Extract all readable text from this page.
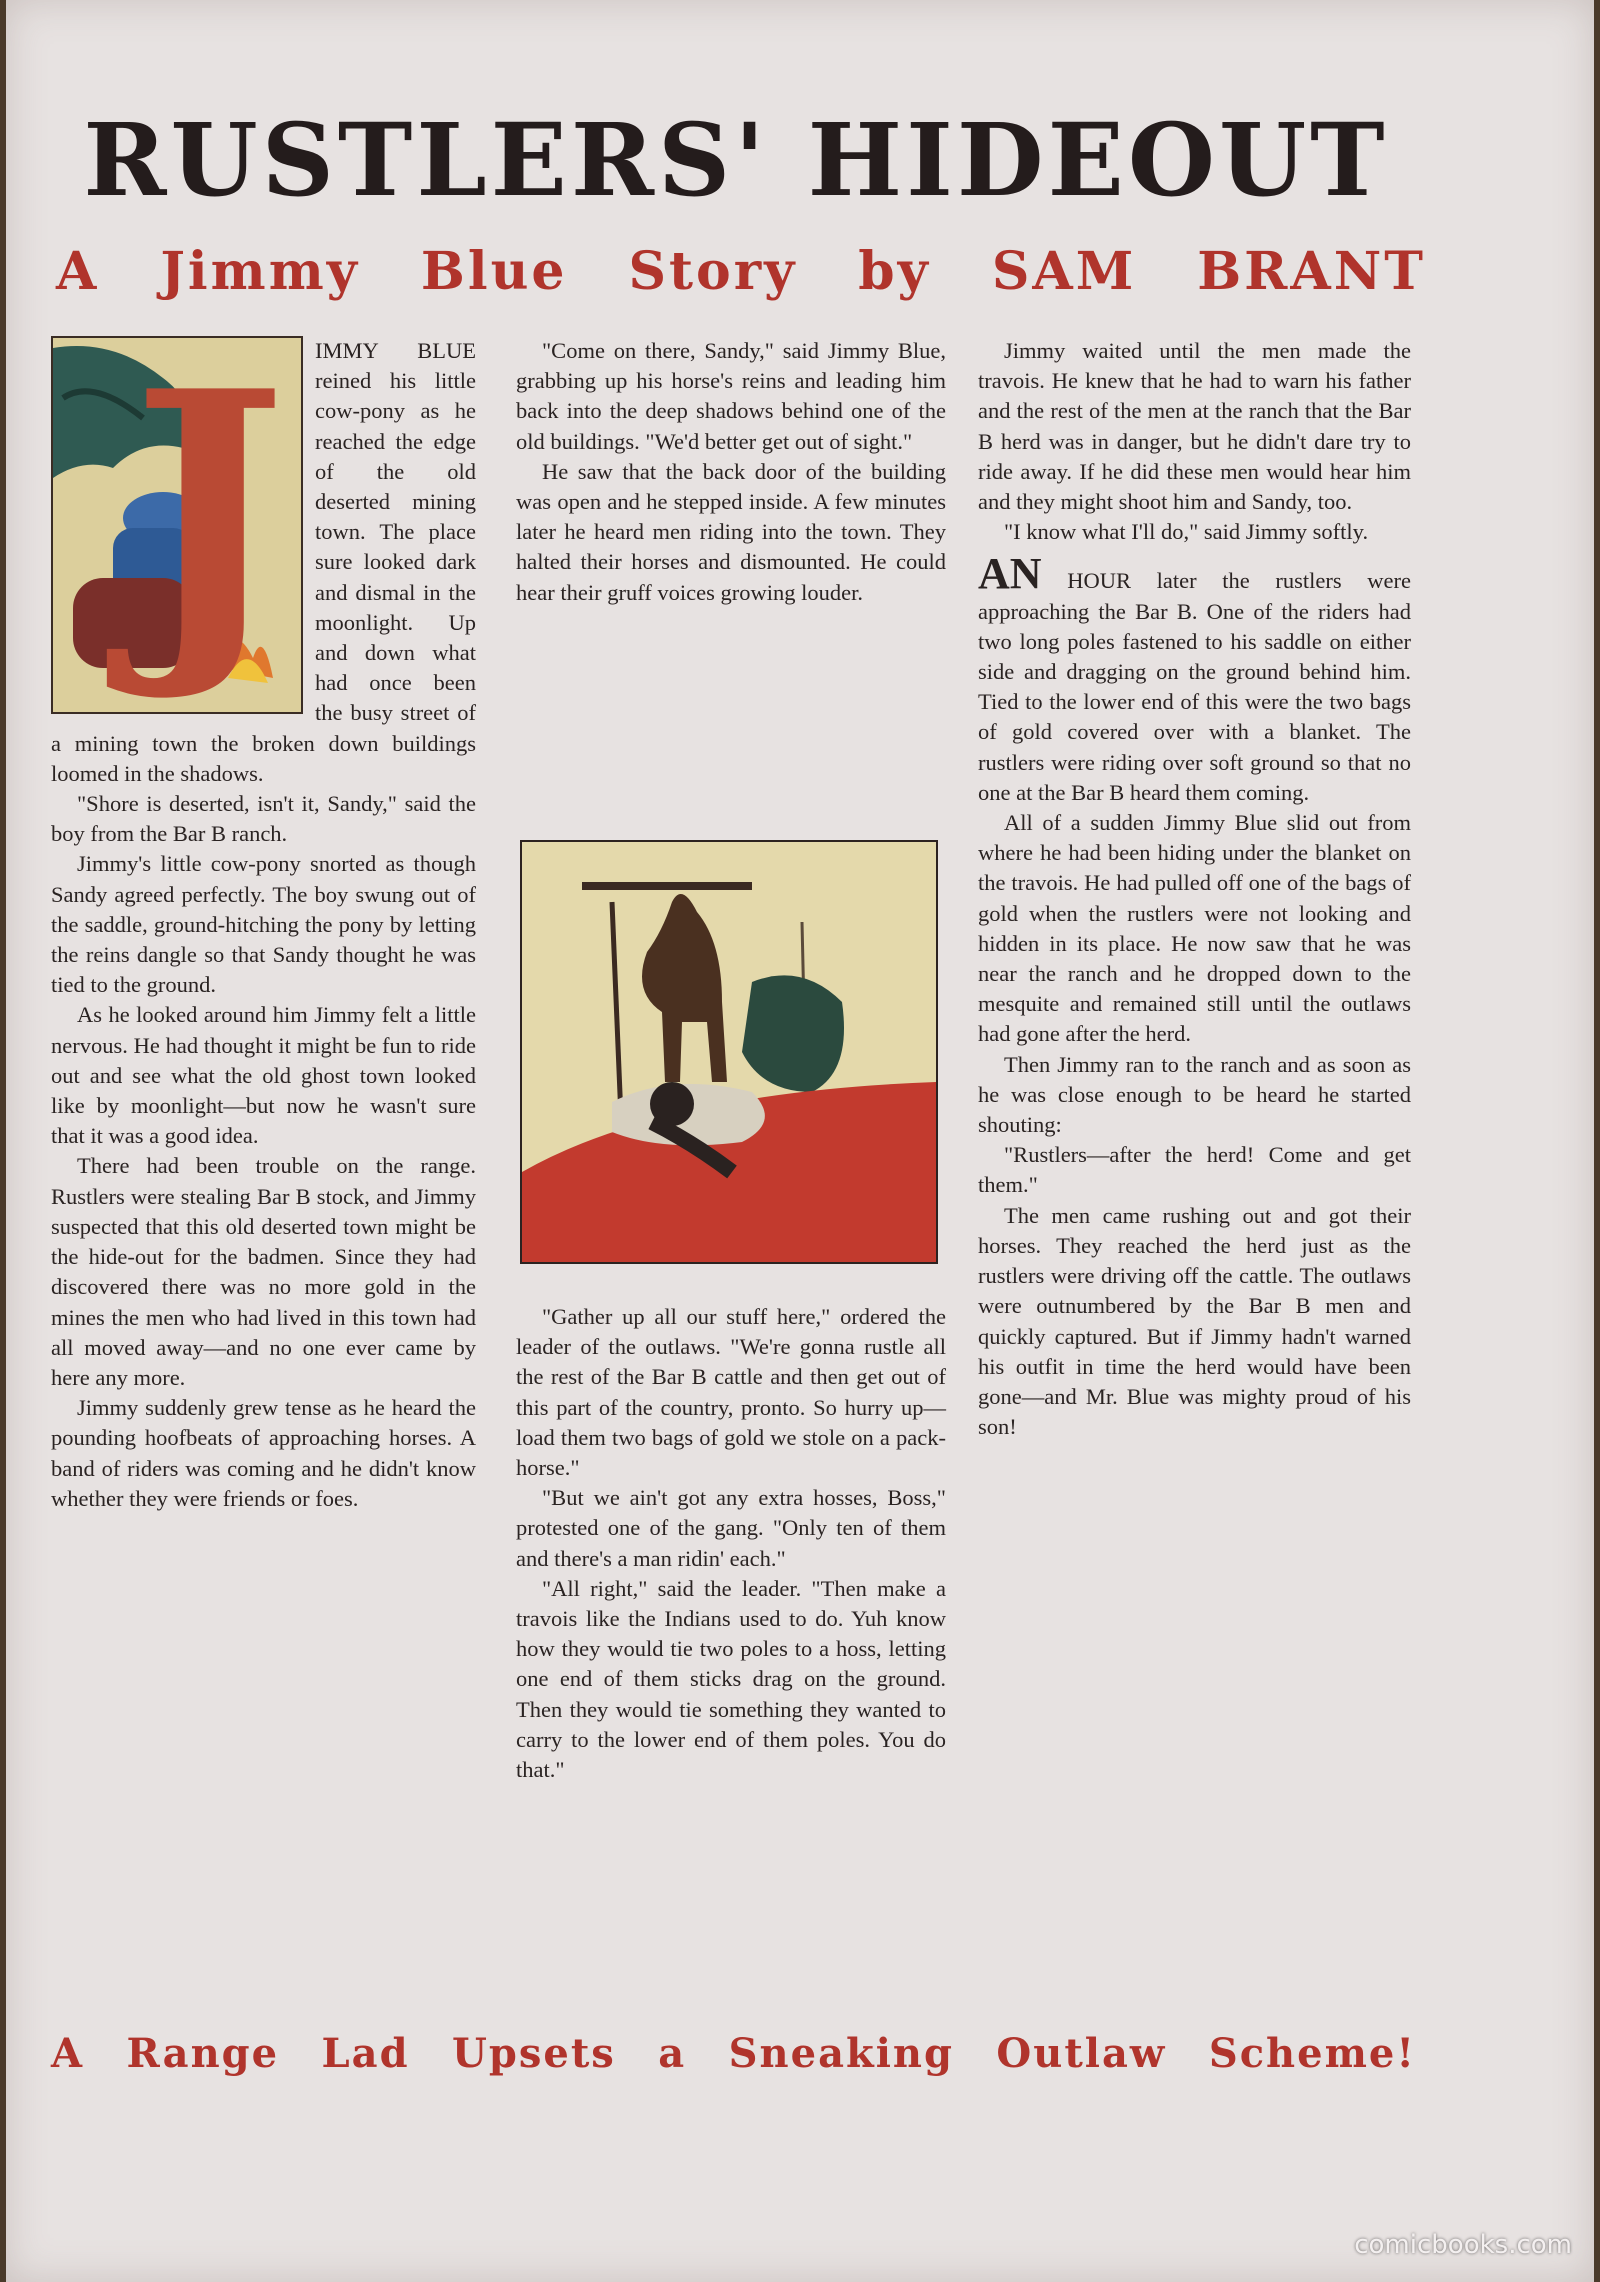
RUSTLERS' HIDEOUT
A Jimmy Blue Story by SAM BRANT
J	IMMY BLUE reined his little cow-pony as he reached the edge of the old deserted mining town. The place sure looked dark and dismal in the moonlight. Up and down what had once been the busy street of a mining town the broken down buildings loomed in the shadows.

"Shore is deserted, isn't it, Sandy," said the boy from the Bar B ranch.

Jimmy's little cow-pony snorted as though Sandy agreed perfectly. The boy swung out of the saddle, ground-hitching the pony by letting the reins dangle so that Sandy thought he was tied to the ground.

As he looked around him Jimmy felt a little nervous. He had thought it might be fun to ride out and see what the old ghost town looked like by moonlight—but now he wasn't sure that it was a good idea.

There had been trouble on the range. Rustlers were stealing Bar B stock, and Jimmy suspected that this old deserted town might be the hide-out for the badmen. Since they had discovered there was no more gold in the mines the men who had lived in this town had all moved away—and no one ever came by here any more.

Jimmy suddenly grew tense as he heard the pounding hoofbeats of approaching horses. A band of riders was coming and he didn't know whether they were friends or foes.

"Come on there, Sandy," said Jimmy Blue, grabbing up his horse's reins and leading him back into the deep shadows behind one of the old buildings. "We'd better get out of sight."

He saw that the back door of the building was open and he stepped inside. A few minutes later he heard men riding into the town. They halted their horses and dismounted. He could hear their gruff voices growing louder.

"Gather up all our stuff here," ordered the leader of the outlaws. "We're gonna rustle all the rest of the Bar B cattle and then get out of this part of the country, pronto. So hurry up—load them two bags of gold we stole on a pack-horse."

"But we ain't got any extra hosses, Boss," protested one of the gang. "Only ten of them and there's a man ridin' each."

"All right," said the leader. "Then make a travois like the Indians used to do. Yuh know how they would tie two poles to a hoss, letting one end of them sticks drag on the ground. Then they would tie something they wanted to carry to the lower end of them poles. You do that."

Jimmy waited until the men made the travois. He knew that he had to warn his father and the rest of the men at the ranch that the Bar B herd was in danger, but he didn't dare try to ride away. If he did these men would hear him and they might shoot him and Sandy, too.

"I know what I'll do," said Jimmy softly.

AN HOUR later the rustlers were approaching the Bar B. One of the riders had two long poles fastened to his saddle on either side and dragging on the ground behind him. Tied to the lower end of this were the two bags of gold covered over with a blanket. The rustlers were riding over soft ground so that no one at the Bar B heard them coming.

All of a sudden Jimmy Blue slid out from where he had been hiding under the blanket on the travois. He had pulled off one of the bags of gold when the rustlers were not looking and hidden in its place. He now saw that he was near the ranch and he dropped down to the mesquite and remained still until the outlaws had gone after the herd.

Then Jimmy ran to the ranch and as soon as he was close enough to be heard he started shouting:

"Rustlers—after the herd! Come and get them."

The men came rushing out and got their horses. They reached the herd just as the rustlers were driving off the cattle. The outlaws were outnumbered by the Bar B men and quickly captured. But if Jimmy hadn't warned his outfit in time the herd would have been gone—and Mr. Blue was mighty proud of his son!

A Range Lad Upsets a Sneaking Outlaw Scheme!
comicbooks.com
